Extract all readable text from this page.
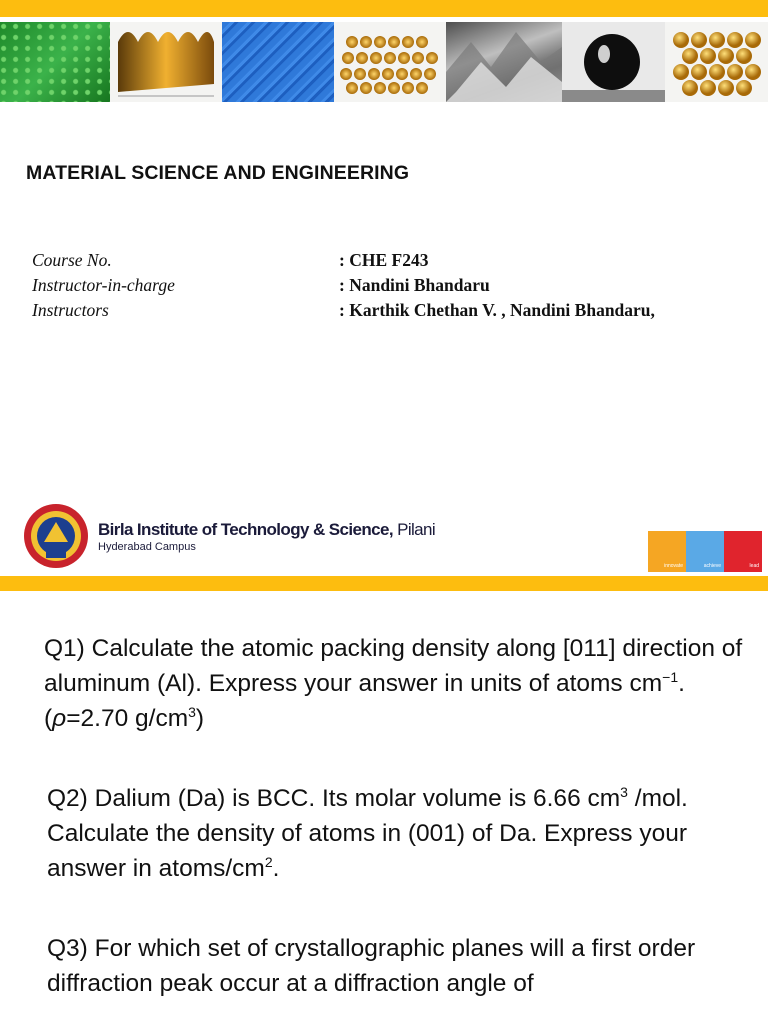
MATERIAL SCIENCE AND ENGINEERING
Course No.	: CHE F243
Instructor-in-charge	: Nandini Bhandaru
Instructors	: Karthik Chethan V. , Nandini Bhandaru,
Birla Institute of Technology & Science, Pilani
Hyderabad Campus
innovate	achieve	lead
Q1) Calculate the atomic packing density along [011] direction of aluminum (Al). Express your answer in units of atoms $cm^{-1}$. (ρ=2.70 $g/cm^3$)
Q2) Dalium (Da) is BCC. Its molar volume is 6.66 $cm^3$ /mol. Calculate the density of atoms in (001) of Da. Express your answer in atoms/$cm^2$.
Q3) For which set of crystallographic planes will a first order diffraction peak occur at a diffraction angle of
